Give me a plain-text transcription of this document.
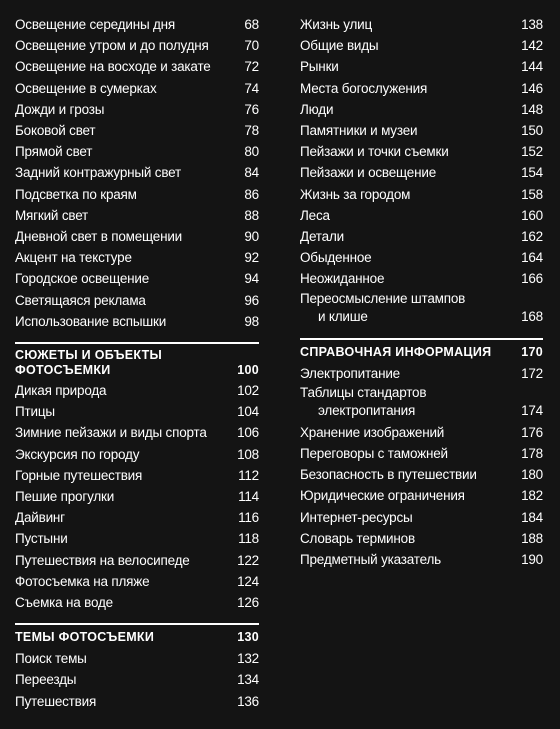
Освещение середины дня	68
Освещение утром и до полудня	70
Освещение на восходе и закате	72
Освещение в сумерках	74
Дожди и грозы	76
Боковой свет	78
Прямой свет	80
Задний контражурный свет	84
Подсветка по краям	86
Мягкий свет	88
Дневной свет в помещении	90
Акцент на текстуре	92
Городское освещение	94
Светящаяся реклама	96
Использование вспышки	98
СЮЖЕТЫ И ОБЪЕКТЫ
ФОТОСЪЕМКИ	100
Дикая природа	102
Птицы	104
Зимние пейзажи и виды спорта	106
Экскурсия по городу	108
Горные путешествия	112
Пешие прогулки	114
Дайвинг	116
Пустыни	118
Путешествия на велосипеде	122
Фотосъемка на пляже	124
Съемка на воде	126
ТЕМЫ ФОТОСЪЕМКИ	130
Поиск темы	132
Переезды	134
Путешествия	136
Жизнь улиц	138
Общие виды	142
Рынки	144
Места богослужения	146
Люди	148
Памятники и музеи	150
Пейзажи и точки съемки	152
Пейзажи и освещение	154
Жизнь за городом	158
Леса	160
Детали	162
Обыденное	164
Неожиданное	166
Переосмысление штампов
и клише	168
СПРАВОЧНАЯ ИНФОРМАЦИЯ	170
Электропитание	172
Таблицы стандартов
электропитания	174
Хранение изображений	176
Переговоры с таможней	178
Безопасность в путешествии	180
Юридические ограничения	182
Интернет-ресурсы	184
Словарь терминов	188
Предметный указатель	190
